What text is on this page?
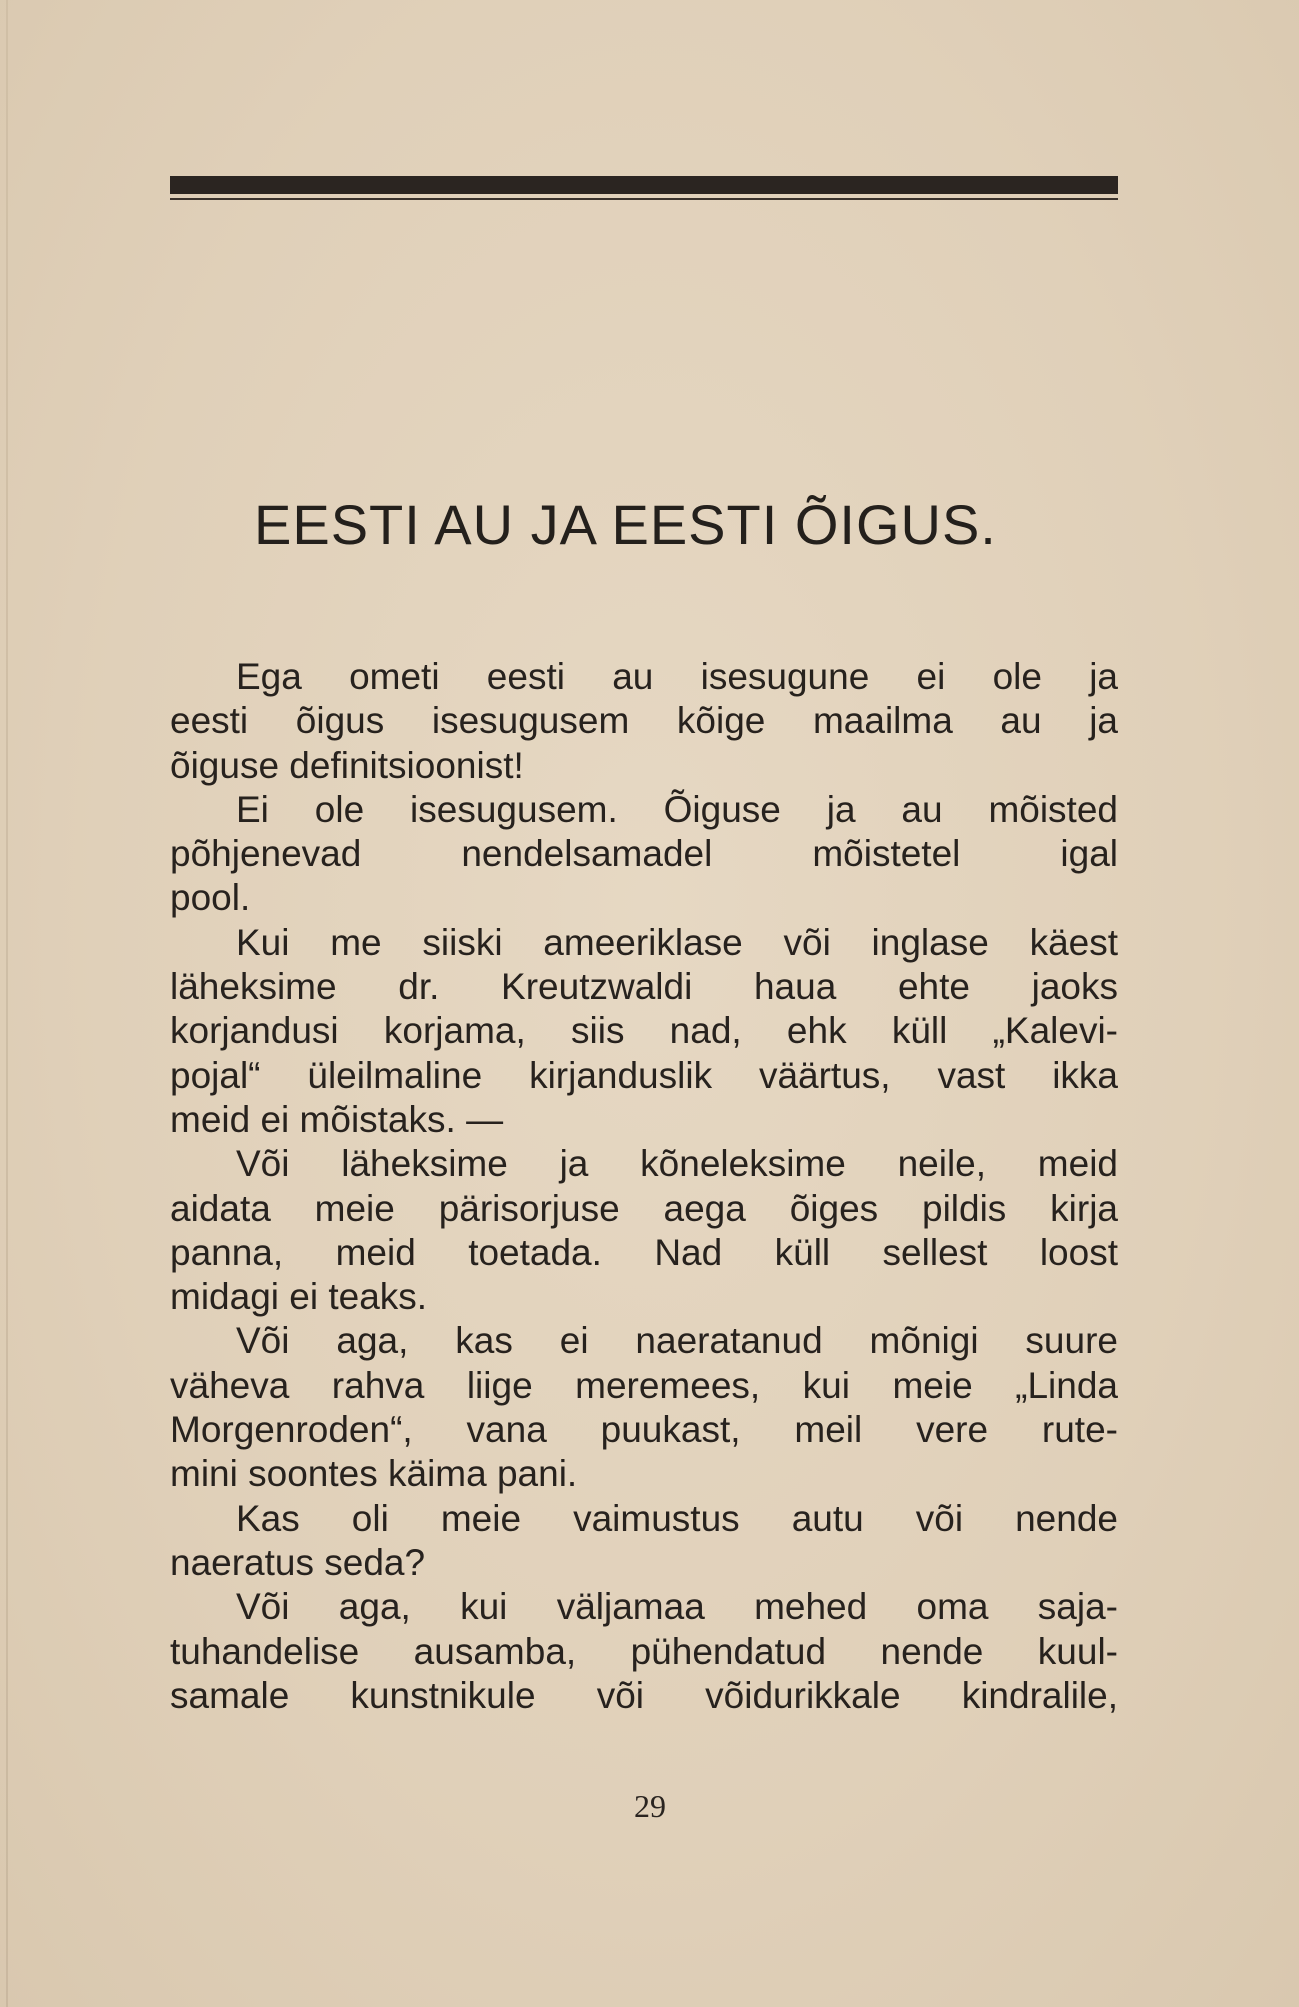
EESTI AU JA EESTI ÕIGUS.
Ega ometi eesti au isesugune ei ole ja
eesti õigus isesugusem kõige maailma au ja
õiguse definitsioonist!
Ei ole isesugusem. Õiguse ja au mõisted
põhjenevad nendelsamadel mõistetel igal
pool.
Kui me siiski ameeriklase või inglase käest
läheksime dr. Kreutzwaldi haua ehte jaoks
korjandusi korjama, siis nad, ehk küll „Kalevi-
pojal“ üleilmaline kirjanduslik väärtus, vast ikka
meid ei mõistaks. —
Või läheksime ja kõneleksime neile, meid
aidata meie pärisorjuse aega õiges pildis kirja
panna, meid toetada. Nad küll sellest loost
midagi ei teaks.
Või aga, kas ei naeratanud mõnigi suure
väheva rahva liige meremees, kui meie „Linda
Morgenroden“, vana puukast, meil vere rute-
mini soontes käima pani.
Kas oli meie vaimustus autu või nende
naeratus seda?
Või aga, kui väljamaa mehed oma saja-
tuhandelise ausamba, pühendatud nende kuul-
samale kunstnikule või võidurikkale kindralile,
29
